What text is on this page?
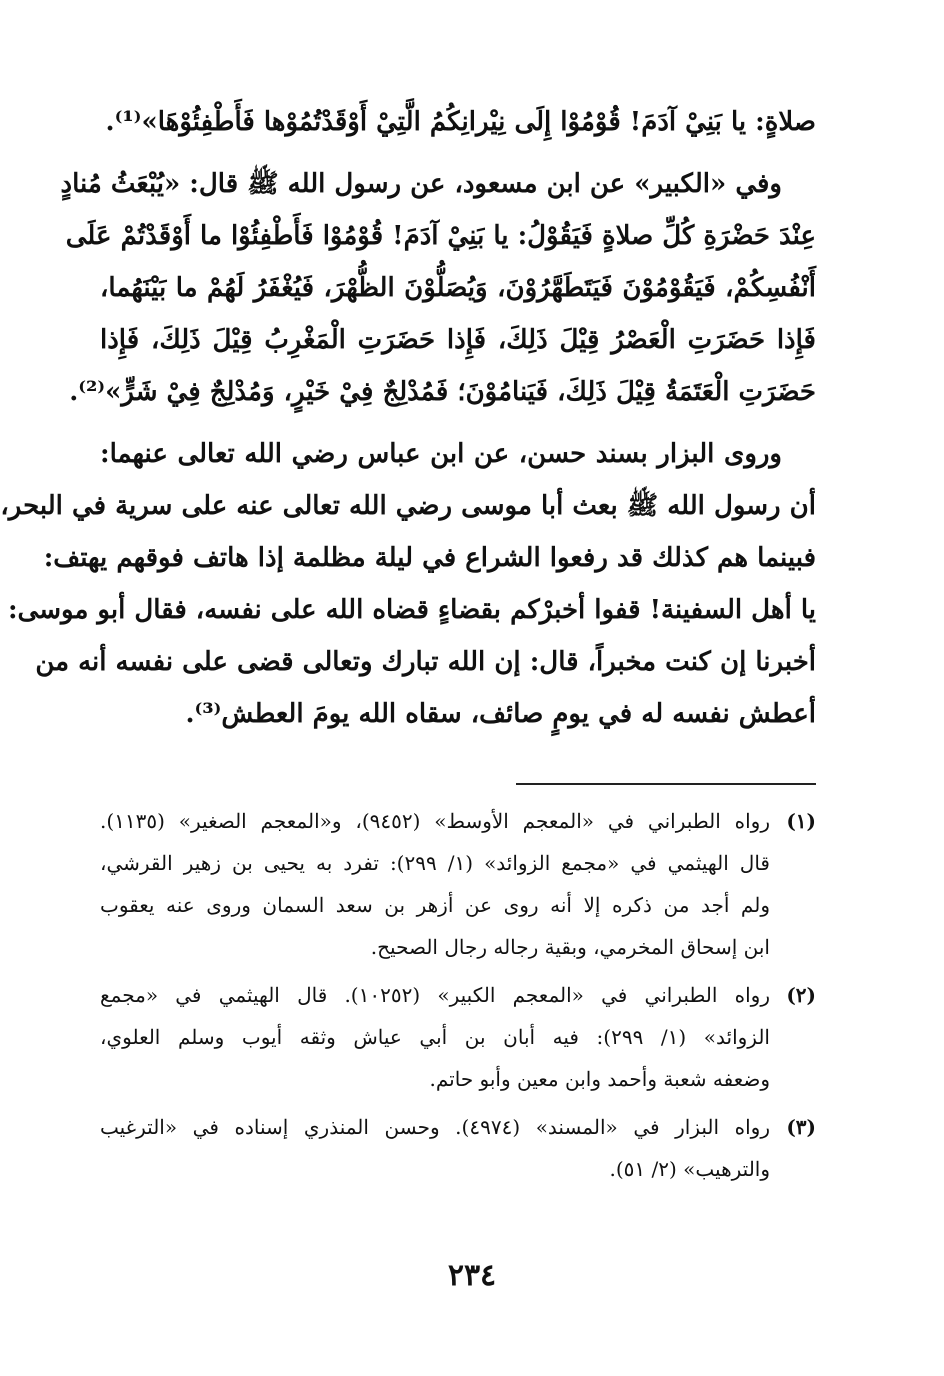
صلاةٍ: يا بَنِيْ آدَمَ! قُوْمُوْا إِلَى نِيْرانِكُمُ الَّتِيْ أَوْقَدْتُمُوْها فَأَطْفِئُوْهَا»⁽¹⁾.
وفي «الكبير» عن ابن مسعود، عن رسول الله ﷺ قال: «يُبْعَثُ مُنادٍ
عِنْدَ حَضْرَةِ كُلِّ صلاةٍ فَيَقُوْلُ: يا بَنِيْ آدَمَ! قُوْمُوْا فَأَطْفِئُوْا ما أَوْقَدْتُمْ عَلَى
أَنْفُسِكُمْ، فَيَقُوْمُوْنَ فَيَتَطَهَّرُوْنَ، وَيُصَلُّوْنَ الظُّهْرَ، فَيُغْفَرُ لَهُمْ ما بَيْنَهُما،
فَإِذا حَضَرَتِ الْعَصْرُ قِيْلَ ذَلِكَ، فَإِذا حَضَرَتِ الْمَغْرِبُ قِيْلَ ذَلِكَ، فَإِذا
حَضَرَتِ الْعَتَمَةُ قِيْلَ ذَلِكَ، فَيَنامُوْنَ؛ فَمُدْلِجٌ فِيْ خَيْرٍ، وَمُدْلِجٌ فِيْ شَرٍّ»⁽²⁾.
وروى البزار بسند حسن، عن ابن عباس رضي الله تعالى عنهما:
أن رسول الله ﷺ بعث أبا موسى رضي الله تعالى عنه على سرية في البحر،
فبينما هم كذلك قد رفعوا الشراع في ليلة مظلمة إذا هاتف فوقهم يهتف:
يا أهل السفينة! قفوا أخبرْكم بقضاءٍ قضاه الله على نفسه، فقال أبو موسى:
أخبرنا إن كنت مخبراً، قال: إن الله تبارك وتعالى قضى على نفسه أنه من
أعطش نفسه له في يومٍ صائف، سقاه الله يومَ العطش⁽³⁾.
(١)
رواه الطبراني في «المعجم الأوسط» (٩٤٥٢)، و«المعجم الصغير» (١١٣٥).
قال الهيثمي في «مجمع الزوائد» (١/ ٢٩٩): تفرد به يحيى بن زهير القرشي،
ولم أجد من ذكره إلا أنه روى عن أزهر بن سعد السمان وروى عنه يعقوب
ابن إسحاق المخرمي، وبقية رجاله رجال الصحيح.
(٢)
رواه الطبراني في «المعجم الكبير» (١٠٢٥٢). قال الهيثمي في «مجمع
الزوائد» (١/ ٢٩٩): فيه أبان بن أبي عياش وثقه أيوب وسلم العلوي،
وضعفه شعبة وأحمد وابن معين وأبو حاتم.
(٣)
رواه البزار في «المسند» (٤٩٧٤). وحسن المنذري إسناده في «الترغيب
والترهيب» (٢/ ٥١).
٢٣٤
